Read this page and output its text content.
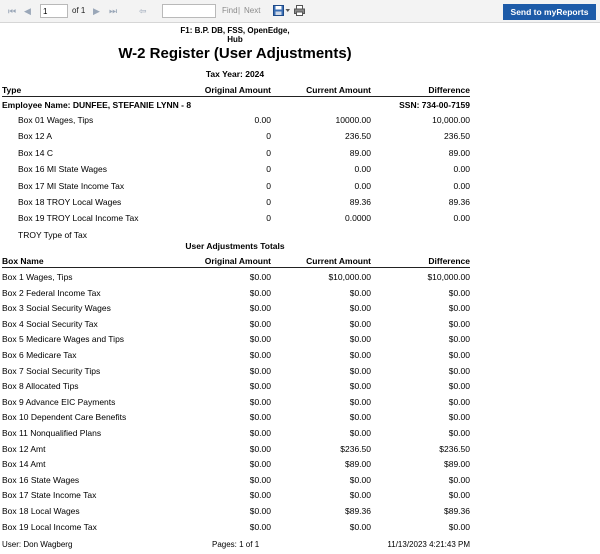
⏮ ◀
1	of 1 ▶ ⏭ ⇦	Find | Next	Send to myReports
F1: B.P. DB, FSS, OpenEdge,
Hub
W-2 Register (User Adjustments)
Tax Year: 2024
Type	Original Amount	Current Amount	Difference
Employee Name: DUNFEE, STEFANIE LYNN - 8	SSN: 734-00-7159
Box 01 Wages, Tips	0.00	10000.00	10,000.00
Box 12 A	0	236.50	236.50
Box 14 C	0	89.00	89.00
Box 16 MI State Wages	0	0.00	0.00
Box 17 MI State Income Tax	0	0.00	0.00
Box 18 TROY Local Wages	0	89.36	89.36
Box 19 TROY Local Income Tax	0	0.0000	0.00
TROY Type of Tax
User Adjustments Totals
Box Name	Original Amount	Current Amount	Difference
Box 1 Wages, Tips	$0.00	$10,000.00	$10,000.00
Box 2 Federal Income Tax	$0.00	$0.00	$0.00
Box 3 Social Security Wages	$0.00	$0.00	$0.00
Box 4 Social Security Tax	$0.00	$0.00	$0.00
Box 5 Medicare Wages and Tips	$0.00	$0.00	$0.00
Box 6 Medicare Tax	$0.00	$0.00	$0.00
Box 7 Social Security Tips	$0.00	$0.00	$0.00
Box 8 Allocated Tips	$0.00	$0.00	$0.00
Box 9 Advance EIC Payments	$0.00	$0.00	$0.00
Box 10 Dependent Care Benefits	$0.00	$0.00	$0.00
Box 11 Nonqualified Plans	$0.00	$0.00	$0.00
Box 12 Amt	$0.00	$236.50	$236.50
Box 14 Amt	$0.00	$89.00	$89.00
Box 16 State Wages	$0.00	$0.00	$0.00
Box 17 State Income Tax	$0.00	$0.00	$0.00
Box 18 Local Wages	$0.00	$89.36	$89.36
Box 19 Local Income Tax	$0.00	$0.00	$0.00
User: Don Wagberg	Pages: 1 of 1	11/13/2023 4:21:43 PM
